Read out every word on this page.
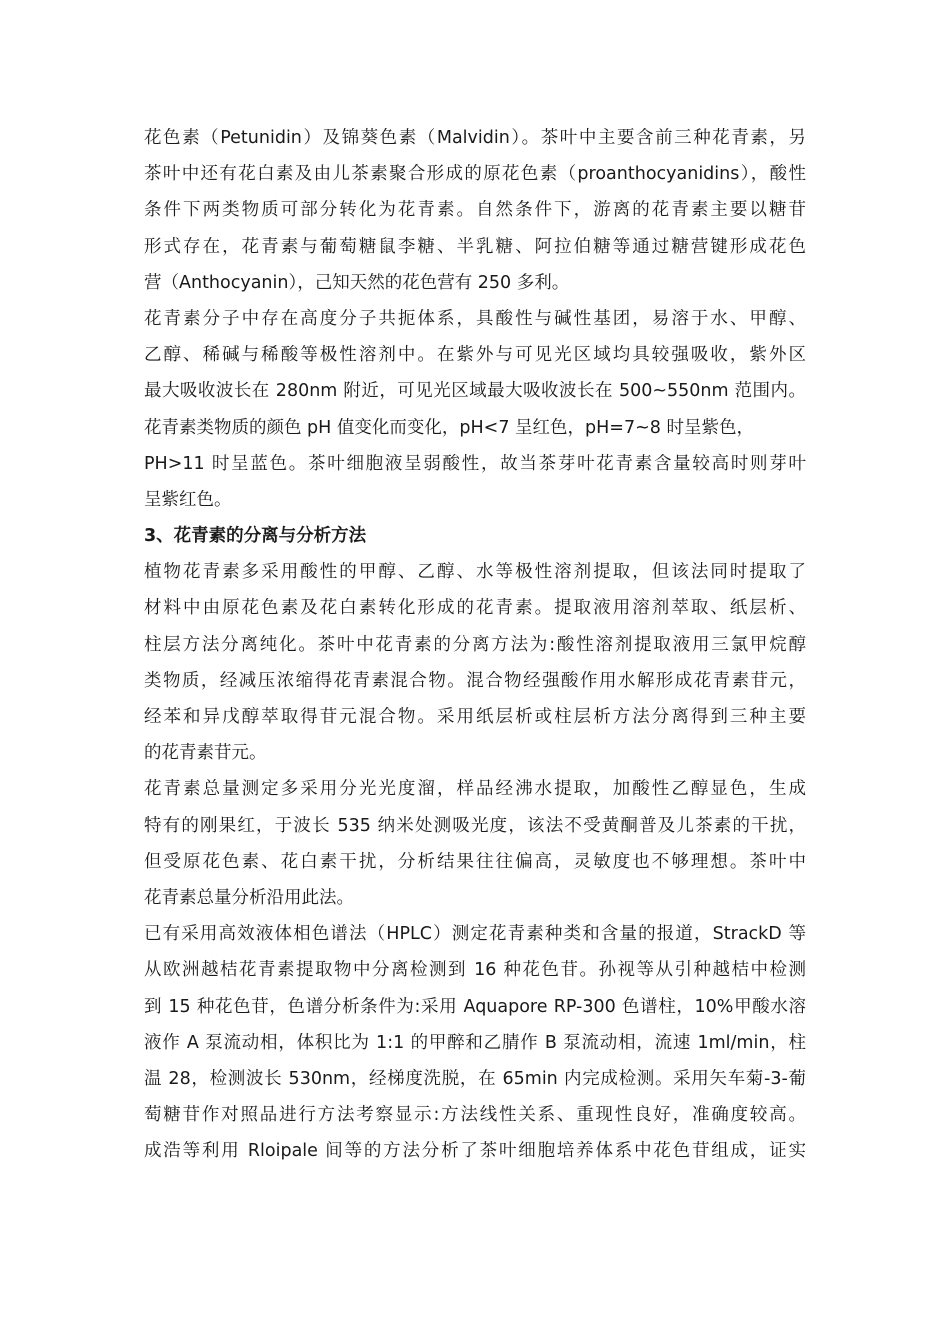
花色素（Petunidin）及锦葵色素（Malvidin）。茶叶中主要含前三种花青素，另
茶叶中还有花白素及由儿茶素聚合形成的原花色素（proanthocyanidins），酸性
条件下两类物质可部分转化为花青素。自然条件下，游离的花青素主要以糖苷
形式存在，花青素与葡萄糖鼠李糖、半乳糖、阿拉伯糖等通过糖营键形成花色
营（Anthocyanin），己知天然的花色营有 250 多利。
花青素分子中存在高度分子共扼体系，具酸性与碱性基团，易溶于水、甲醇、
乙醇、稀碱与稀酸等极性溶剂中。在紫外与可见光区域均具较强吸收，紫外区
最大吸收波长在 280nm 附近，可见光区域最大吸收波长在 500~550nm 范围内。
花青素类物质的颜色 pH 值变化而变化，pH<7 呈红色，pH=7~8 时呈紫色，
PH>11 时呈蓝色。茶叶细胞液呈弱酸性，故当茶芽叶花青素含量较高时则芽叶
呈紫红色。
3、花青素的分离与分析方法
植物花青素多采用酸性的甲醇、乙醇、水等极性溶剂提取，但该法同时提取了
材料中由原花色素及花白素转化形成的花青素。提取液用溶剂萃取、纸层析、
柱层方法分离纯化。茶叶中花青素的分离方法为:酸性溶剂提取液用三氯甲烷醇
类物质，经减压浓缩得花青素混合物。混合物经强酸作用水解形成花青素苷元，
经苯和异戊醇萃取得苷元混合物。采用纸层析或柱层析方法分离得到三种主要
的花青素苷元。
花青素总量测定多采用分光光度溜，样品经沸水提取，加酸性乙醇显色，生成
特有的刚果红，于波长 535 纳米处测吸光度，该法不受黄酮普及儿茶素的干扰，
但受原花色素、花白素干扰，分析结果往往偏高，灵敏度也不够理想。茶叶中
花青素总量分析沿用此法。
已有采用高效液体相色谱法（HPLC）测定花青素种类和含量的报道，StrackD 等
从欧洲越桔花青素提取物中分离检测到 16 种花色苷。孙视等从引种越桔中检测
到 15 种花色苷，色谱分析条件为:采用 Aquapore RP-300 色谱柱，10%甲酸水溶
液作 A 泵流动相，体积比为 1:1 的甲醉和乙腈作 B 泵流动相，流速 1ml/min，柱
温 28，检测波长 530nm，经梯度洗脱，在 65min 内完成检测。采用矢车菊-3-葡
萄糖苷作对照品进行方法考察显示:方法线性关系、重现性良好，准确度较高。
成浩等利用 Rloipale 间等的方法分析了茶叶细胞培养体系中花色苷组成，证实
